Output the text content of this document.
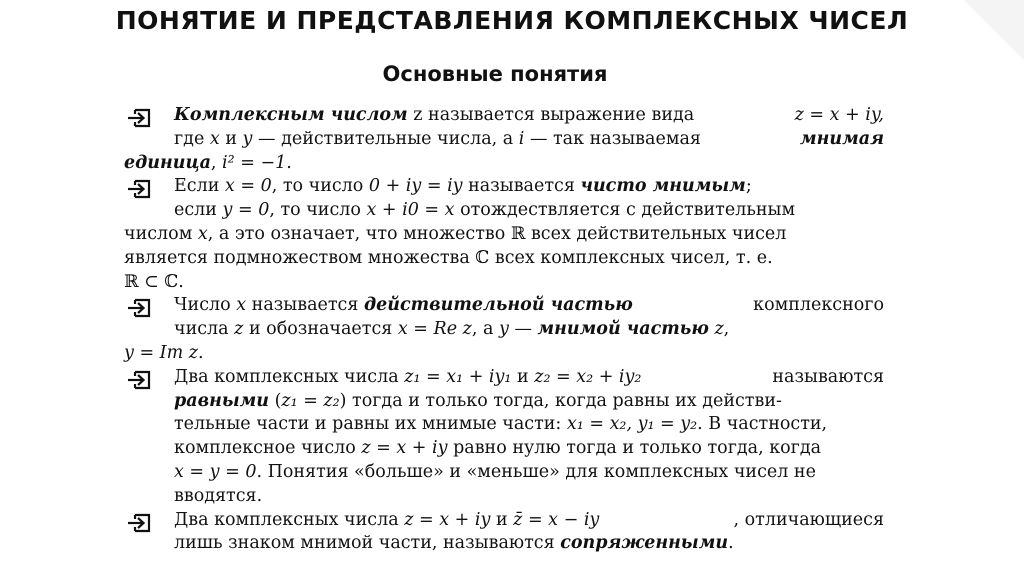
ПОНЯТИЕ И ПРЕДСТАВЛЕНИЯ КОМПЛЕКСНЫХ ЧИСЕЛ
Основные понятия
Комплексным числом z называется выражение вида	z = x + iy,
где x и y — действительные числа, а i — так называемая	мнимая
единица, i² = −1.
Если x = 0, то число 0 + iy = iy называется чисто мнимым;
если y = 0, то число x + i0 = x отождествляется с действительным
числом x, а это означает, что множество ℝ всех действительных чисел
является подмножеством множества ℂ всех комплексных чисел, т. е.
ℝ ⊂ ℂ.
Число x называется действительной частью	комплексного
числа z и обозначается x = Re z, а y — мнимой частью z,
y = Im z.
Два комплексных числа z₁ = x₁ + iy₁ и z₂ = x₂ + iy₂	называются
равными (z₁ = z₂) тогда и только тогда, когда равны их действи-
тельные части и равны их мнимые части: x₁ = x₂, y₁ = y₂. В частности,
комплексное число z = x + iy равно нулю тогда и только тогда, когда
x = y = 0. Понятия «больше» и «меньше» для комплексных чисел не
вводятся.
Два комплексных числа z = x + iy и z̄ = x − iy	, отличающиеся
лишь знаком мнимой части, называются сопряженными.
